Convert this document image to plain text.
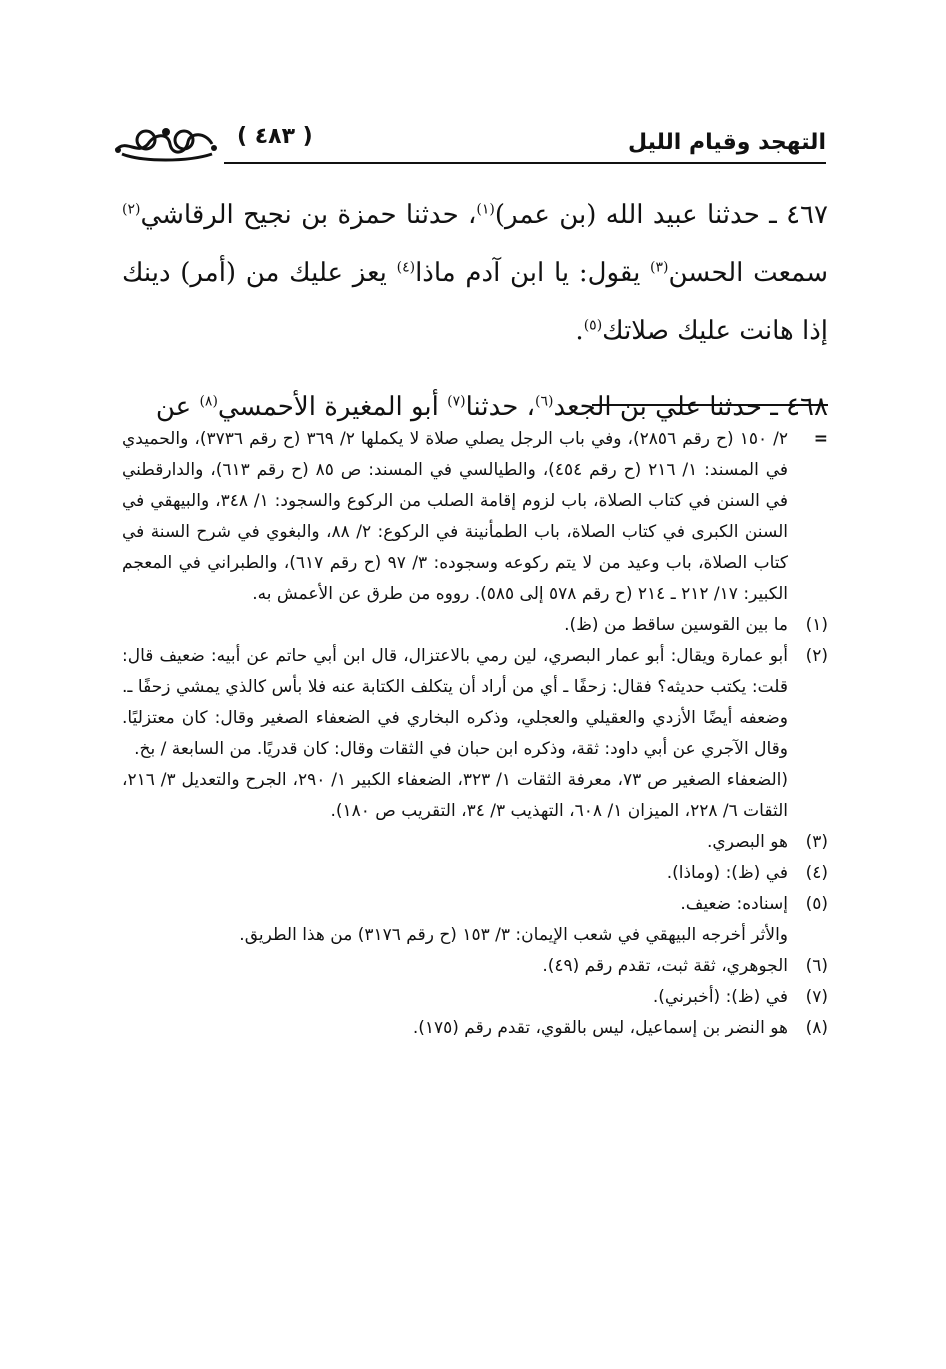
التهجد وقيام الليل
( ٤٨٣ )

٤٦٧ ـ حدثنا عبيد الله (بن عمر)$^{(١)}$، حدثنا حمزة بن نجيح الرقاشي$^{(٢)}$ سمعت الحسن$^{(٣)}$ يقول: يا ابن آدم ماذا$^{(٤)}$ يعز عليك من (أمر) دينك إذا هانت عليك صلاتك$^{(٥)}$.

٤٦٨ ـ حدثنا علي بن الجعد$^{(٦)}$، حدثنا$^{(٧)}$ أبو المغيرة الأحمسي$^{(٨)}$ عن

=
٢/ ١٥٠ (ح رقم ٢٨٥٦)، وفي باب الرجل يصلي صلاة لا يكملها ٢/ ٣٦٩ (ح رقم ٣٧٣٦)، والحميدي في المسند: ١/ ٢١٦ (ح رقم ٤٥٤)، والطيالسي في المسند: ص ٨٥ (ح رقم ٦١٣)، والدارقطني في السنن في كتاب الصلاة، باب لزوم إقامة الصلب من الركوع والسجود: ١/ ٣٤٨، والبيهقي في السنن الكبرى في كتاب الصلاة، باب الطمأنينة في الركوع: ٢/ ٨٨، والبغوي في شرح السنة في كتاب الصلاة، باب وعيد من لا يتم ركوعه وسجوده: ٣/ ٩٧ (ح رقم ٦١٧)، والطبراني في المعجم الكبير: ١٧/ ٢١٢ ـ ٢١٤ (ح رقم ٥٧٨ إلى ٥٨٥). رووه من طرق عن الأعمش به.
(١)

ما بين القوسين ساقط من (ظ).

(٢)

أبو عمارة ويقال: أبو عمار البصري، لين رمي بالاعتزال، قال ابن أبي حاتم عن أبيه: ضعيف قال: قلت: يكتب حديثه؟ فقال: زحفًا ـ أي من أراد أن يتكلف الكتابة عنه فلا بأس كالذي يمشي زحفًا ـ. وضعفه أيضًا الأزدي والعقيلي والعجلي، وذكره البخاري في الضعفاء الصغير وقال: كان معتزليًا. وقال الآجري عن أبي داود: ثقة، وذكره ابن حبان في الثقات وقال: كان قدريًا. من السابعة / بخ.

(الضعفاء الصغير ص ٧٣، معرفة الثقات ١/ ٣٢٣، الضعفاء الكبير ١/ ٢٩٠، الجرح والتعديل ٣/ ٢١٦، الثقات ٦/ ٢٢٨، الميزان ١/ ٦٠٨، التهذيب ٣/ ٣٤، التقريب ص ١٨٠).

(٣)

هو البصري.

(٤)

في (ظ): (وماذا).

(٥)

إسناده: ضعيف.

والأثر أخرجه البيهقي في شعب الإيمان: ٣/ ١٥٣ (ح رقم ٣١٧٦) من هذا الطريق.
(٦)

الجوهري، ثقة ثبت، تقدم رقم (٤٩).

(٧)

في (ظ): (أخبرني).

(٨)

هو النضر بن إسماعيل، ليس بالقوي، تقدم رقم (١٧٥).
